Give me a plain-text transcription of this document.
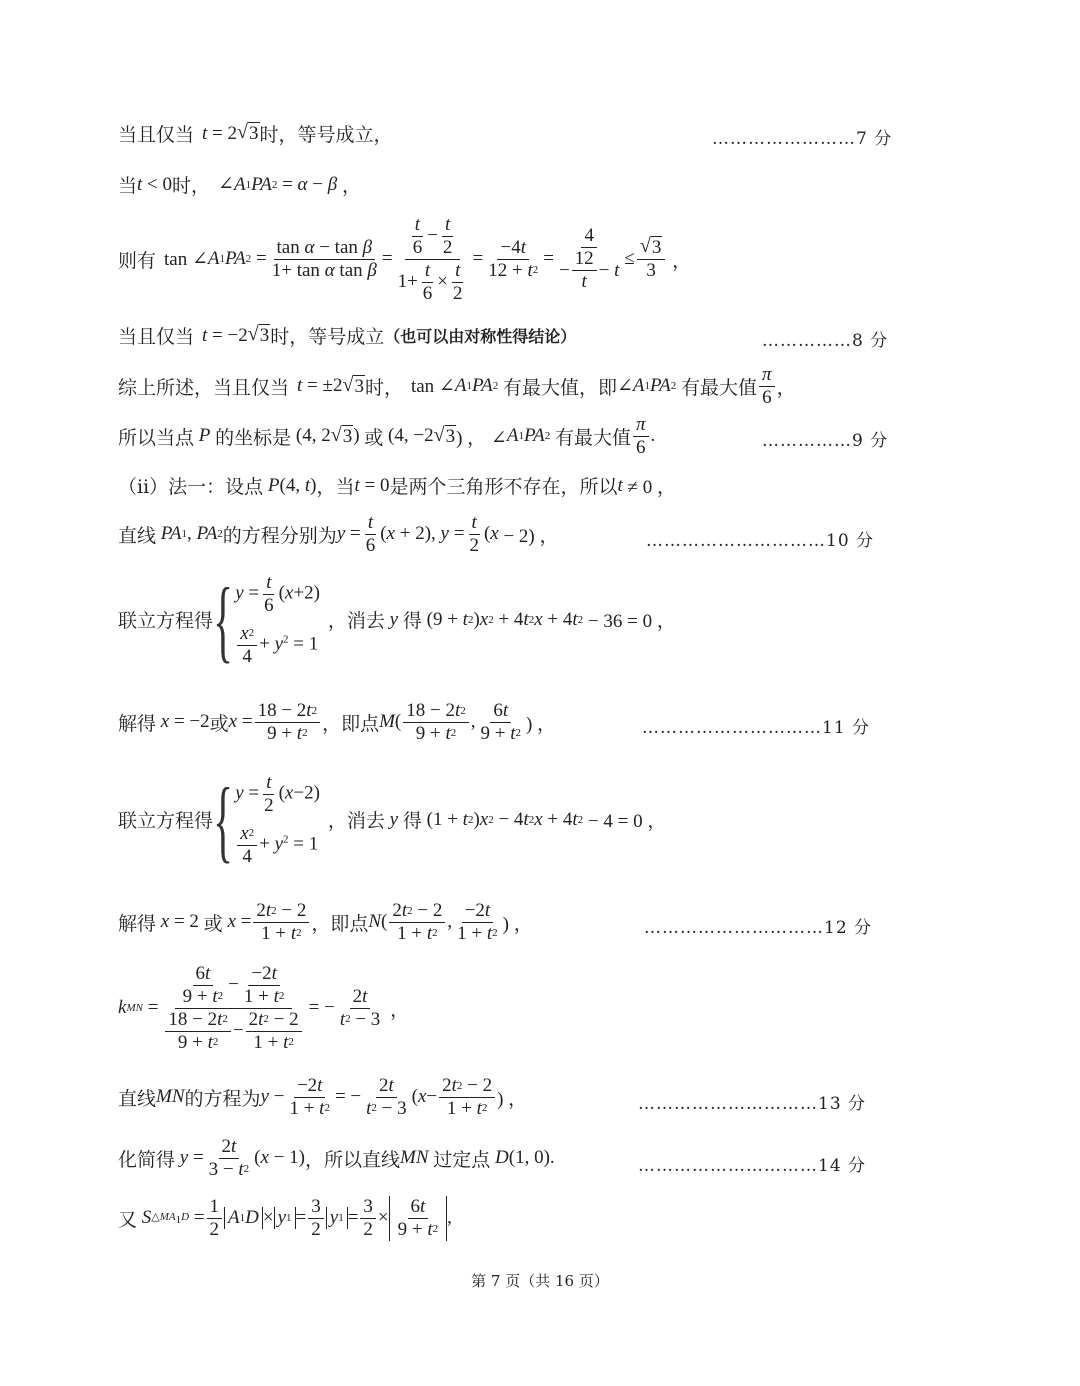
当且仅当 t = 2 √ 3 时，等号成立，	……………………7 分
当 t < 0 时， ∠ A 1 PA 2 = α − β ，
则有 tan ∠ A 1 PA $2 = \frac{\text{tan α − tan β}}{\text{1+ tan α tan β}} = \frac{\frac{t}{6} - \frac{t}{2}}{1+ \frac{t}{6} \times \frac{t}{2}} = \frac{-4 t}{12 + t 2} = \frac{4}{- \frac{12}{t} - t} \le \frac{√ 3}{3}$ ，
当且仅当 t = −2 √ 3 时，等号成立 （也可以由对称性得结论）	……………8 分
综上所述，当且仅当 t = ±2 √ 3 时， tan ∠ A 1 PA 2
有最大值，即 ∠ A 1 PA 2
有最大值 $\frac{\pi}{6}$ ，
所以当点
P
的坐标是 (4, 2 √ 3 ) 或 (4, −2 √ 3 ) ， ∠ A 1 PA 2
有最大值 $\frac{\pi}{6}$ .	……………9 分
（ⅱ）法一：设点
P (4, t ) ，当 t = 0 是两个三角形不存在，所以 t ≠ 0 ，
直线
PA 1 , PA 2 的方程分别为 $y = \frac{t}{6}$ ( x + 2), $y = \frac{t}{2}$ ( x − 2) ，	…………………………10 分
联立方程得 { $y = \frac{t}{6} (x+2)$
$\frac{x 2}{4} + y^2 = 1$
，消去
y
得 (9 + t 2 ) x 2 + 4 t 2 x + 4 t 2 − 36 = 0 ，
解得
x = −2 或 $x = \frac{18 - 2 t 2}{9 + t 2}$ ，即点 M ( $\frac{18 - 2 t 2}{9 + t 2}$ , $\frac{6 t}{9 + t 2}$ ) ，	…………………………11 分
联立方程得 { $y = \frac{t}{2} (x-2)$
$\frac{x 2}{4} + y^2 = 1$
，消去
y
得 (1 + t 2 ) x 2 − 4 t 2 x + 4 t 2 − 4 = 0 ，
解得
x = 2 或
$x = \frac{2 t 2 - 2}{1 + t 2}$ ，即点 N ( $\frac{2 t 2 - 2}{1 + t 2}$ , $\frac{-2 t}{1 + t 2}$ ) ，	…………………………12 分
k MN = $\frac{\frac{6 t}{9 + t 2} - \frac{-2 t}{1 + t 2}}{\frac{18 - 2 t 2}{9 + t 2} - \frac{2 t 2 - 2}{1 + t 2}}$ = − $\frac{2 t}{t 2 - 3}$ ，
直线 MN 的方程为 $y - \frac{-2 t}{1 + t 2}$ = − $\frac{2 t}{t 2 - 3}$ ( $x - \frac{2 t 2 - 2}{1 + t 2}$ ) ，	…………………………13 分
化简得
$y = \frac{2 t}{3 - t 2}$ ( x − 1) ，所以直线 MN
过定点
D (1, 0).	…………………………14 分
又
S $\triangle MA_1D = \frac{1}{2}$ A 1 D × y $1 = \frac{3}{2}$ y $1 = \frac{3}{2} \times \frac{6 t}{9 + t 2}$ ,
第 7 页（共 16 页）
